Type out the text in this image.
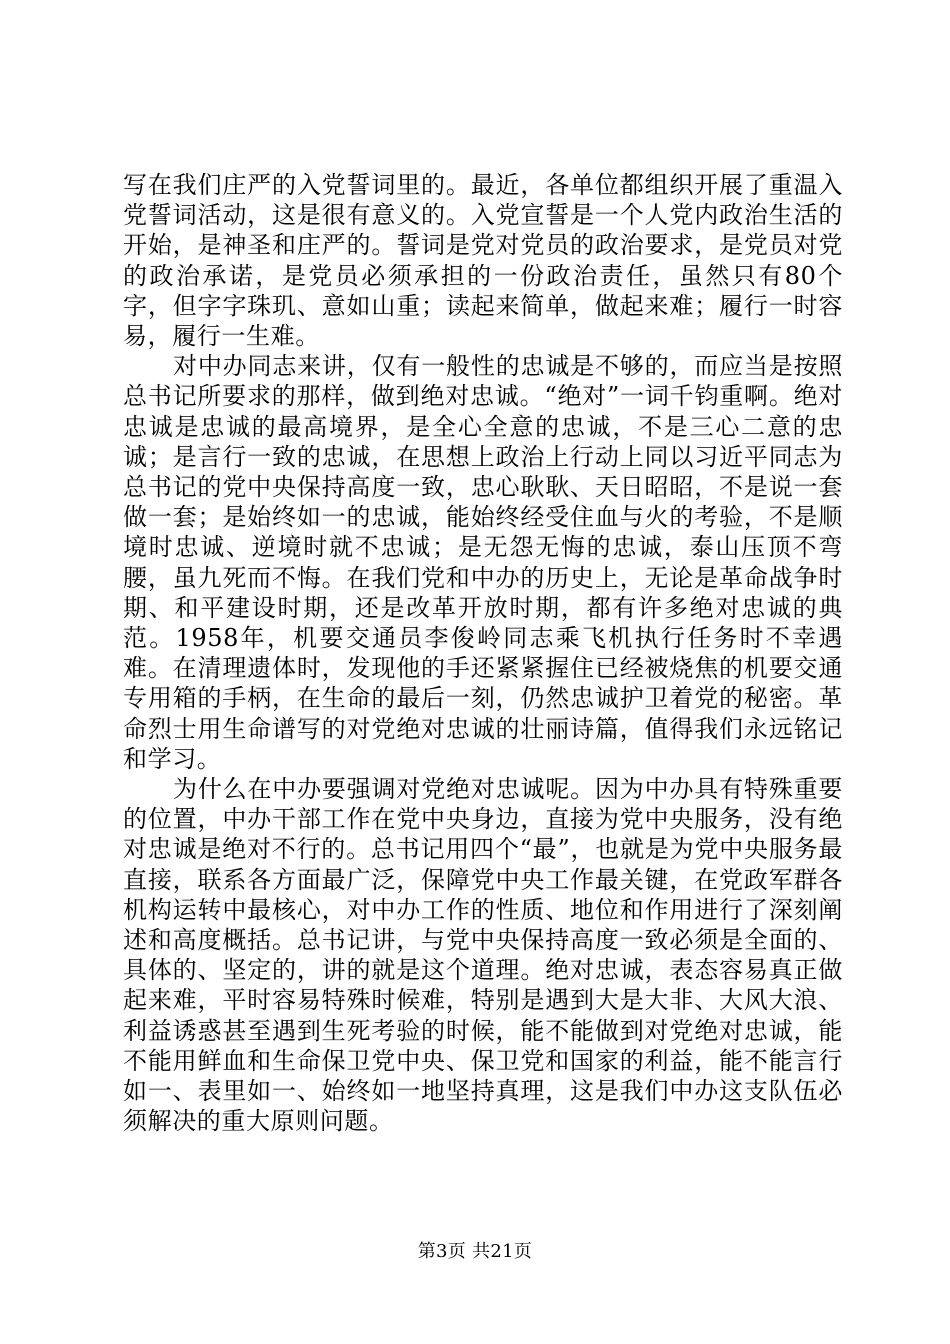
写在我们庄严的入党誓词里的。最近，各单位都组织开展了重温入党誓词活动，这是很有意义的。入党宣誓是一个人党内政治生活的开始，是神圣和庄严的。誓词是党对党员的政治要求，是党员对党的政治承诺，是党员必须承担的一份政治责任，虽然只有80个字，但字字珠玑、意如山重；读起来简单，做起来难；履行一时容易，履行一生难。

对中办同志来讲，仅有一般性的忠诚是不够的，而应当是按照总书记所要求的那样，做到绝对忠诚。“绝对”一词千钧重啊。绝对忠诚是忠诚的最高境界，是全心全意的忠诚，不是三心二意的忠诚；是言行一致的忠诚，在思想上政治上行动上同以习近平同志为总书记的党中央保持高度一致，忠心耿耿、天日昭昭，不是说一套做一套；是始终如一的忠诚，能始终经受住血与火的考验，不是顺境时忠诚、逆境时就不忠诚；是无怨无悔的忠诚，泰山压顶不弯腰，虽九死而不悔。在我们党和中办的历史上，无论是革命战争时期、和平建设时期，还是改革开放时期，都有许多绝对忠诚的典范。1958年，机要交通员李俊岭同志乘飞机执行任务时不幸遇难。在清理遗体时，发现他的手还紧紧握住已经被烧焦的机要交通专用箱的手柄，在生命的最后一刻，仍然忠诚护卫着党的秘密。革命烈士用生命谱写的对党绝对忠诚的壮丽诗篇，值得我们永远铭记和学习。

为什么在中办要强调对党绝对忠诚呢。因为中办具有特殊重要的位置，中办干部工作在党中央身边，直接为党中央服务，没有绝对忠诚是绝对不行的。总书记用四个“最”，也就是为党中央服务最直接，联系各方面最广泛，保障党中央工作最关键，在党政军群各机构运转中最核心，对中办工作的性质、地位和作用进行了深刻阐述和高度概括。总书记讲，与党中央保持高度一致必须是全面的、具体的、坚定的，讲的就是这个道理。绝对忠诚，表态容易真正做起来难，平时容易特殊时候难，特别是遇到大是大非、大风大浪、利益诱惑甚至遇到生死考验的时候，能不能做到对党绝对忠诚，能不能用鲜血和生命保卫党中央、保卫党和国家的利益，能不能言行如一、表里如一、始终如一地坚持真理，这是我们中办这支队伍必须解决的重大原则问题。

第3页 共21页
